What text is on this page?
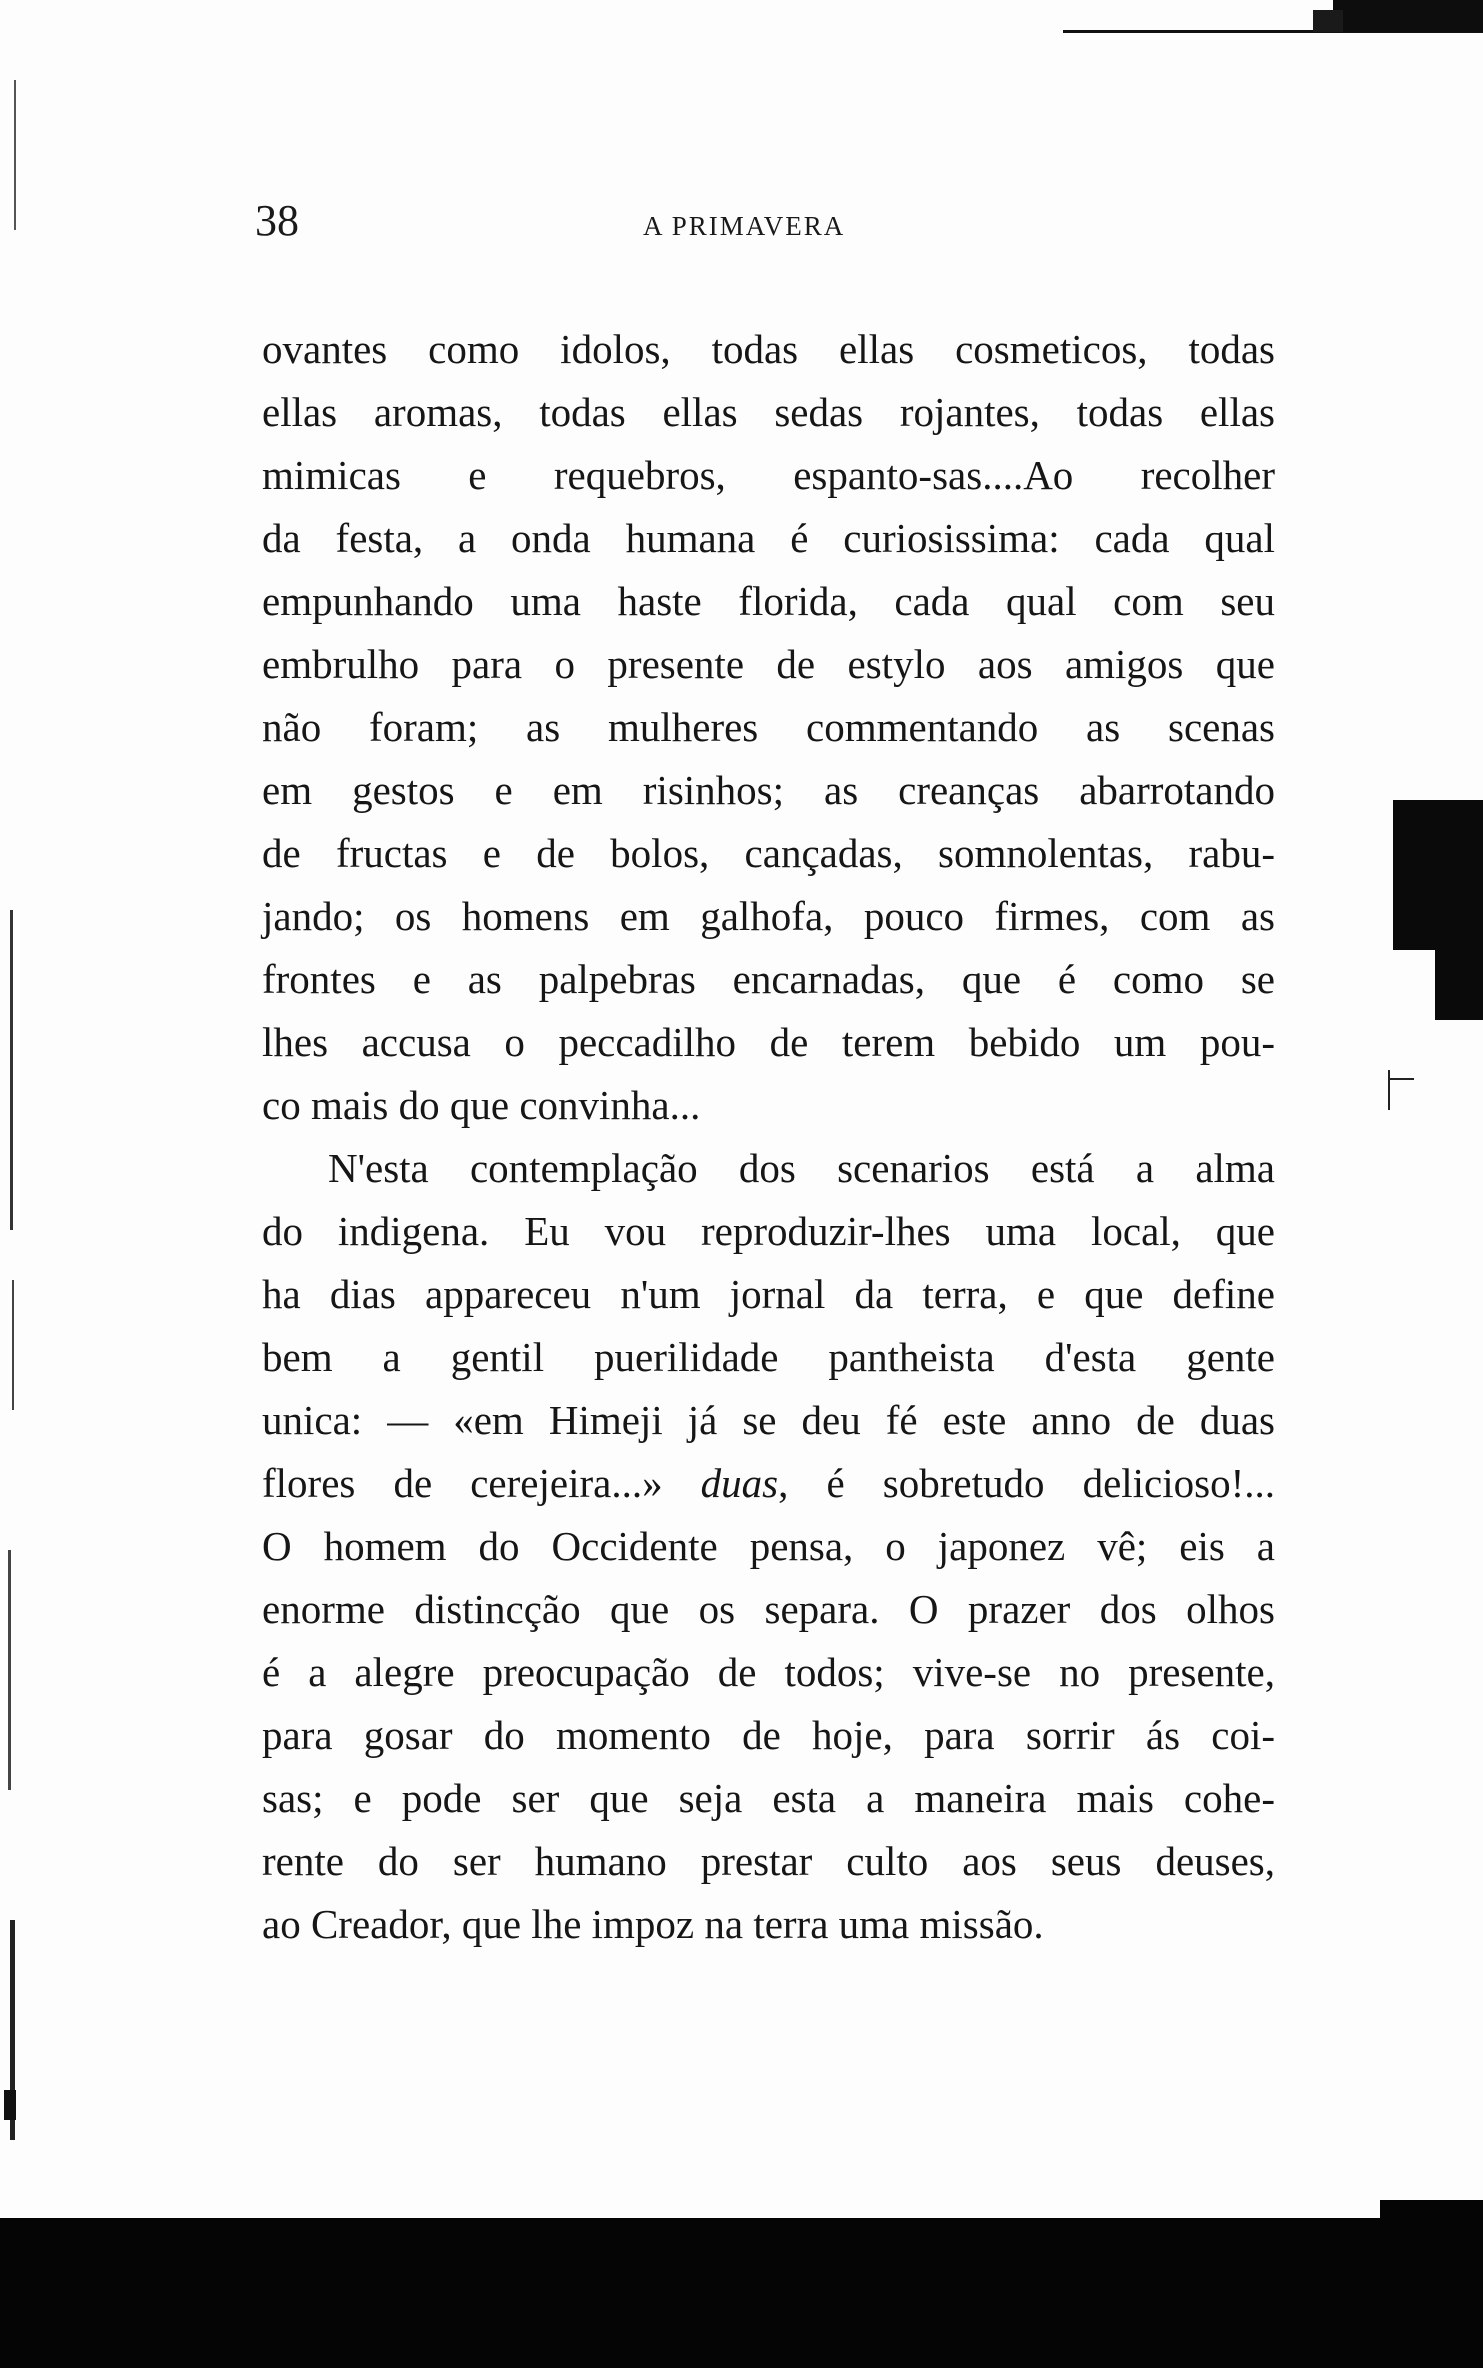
38	A PRIMAVERA
ovantes como idolos, todas ellas cosmeticos, todas
ellas aromas, todas ellas sedas rojantes, todas ellas
mimicas e requebros, espanto-sas....Ao recolher
da festa, a onda humana é curiosissima: cada qual
empunhando uma haste florida, cada qual com seu
embrulho para o presente de estylo aos amigos que
não foram; as mulheres commentando as scenas
em gestos e em risinhos; as creanças abarrotando
de fructas e de bolos, cançadas, somnolentas, rabu-
jando; os homens em galhofa, pouco firmes, com as
frontes e as palpebras encarnadas, que é como se
lhes accusa o peccadilho de terem bebido um pou-
co mais do que convinha...
N'esta contemplação dos scenarios está a alma
do indigena. Eu vou reproduzir-lhes uma local, que
ha dias appareceu n'um jornal da terra, e que define
bem a gentil puerilidade pantheista d'esta gente
unica: — «em Himeji já se deu fé este anno de duas
flores de cerejeira...» duas, é sobretudo delicioso!...
O homem do Occidente pensa, o japonez vê; eis a
enorme distincção que os separa. O prazer dos olhos
é a alegre preocupação de todos; vive-se no presente,
para gosar do momento de hoje, para sorrir ás coi-
sas; e pode ser que seja esta a maneira mais cohe-
rente do ser humano prestar culto aos seus deuses,
ao Creador, que lhe impoz na terra uma missão.
